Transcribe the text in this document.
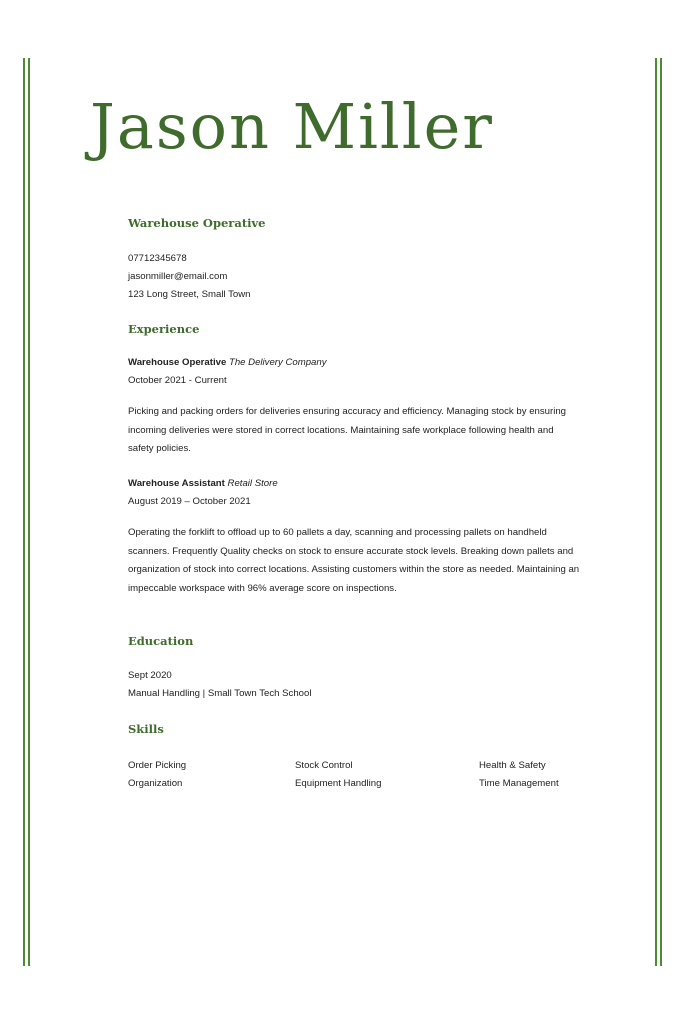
Jason Miller
Warehouse Operative
07712345678
jasonmiller@email.com
123 Long Street, Small Town
Experience
Warehouse Operative The Delivery Company
October 2021 - Current
Picking and packing orders for deliveries ensuring accuracy and efficiency. Managing stock by ensuring incoming deliveries were stored in correct locations. Maintaining safe workplace following health and safety policies.
Warehouse Assistant Retail Store
August 2019 – October 2021
Operating the forklift to offload up to 60 pallets a day, scanning and processing pallets on handheld scanners. Frequently Quality checks on stock to ensure accurate stock levels. Breaking down pallets and organization of stock into correct locations. Assisting customers within the store as needed. Maintaining an impeccable workspace with 96% average score on inspections.
Education
Sept 2020
Manual Handling | Small Town Tech School
Skills
Order Picking	Stock Control	Health & Safety
Organization	Equipment Handling	Time Management
